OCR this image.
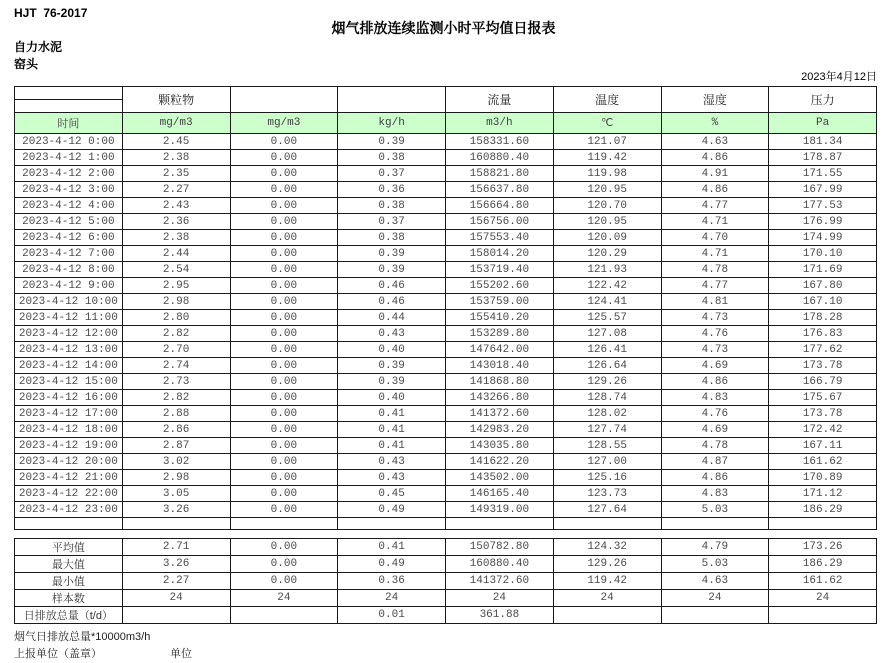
HJT  76-2017
烟气排放连续监测小时平均值日报表
自力水泥
窑头
2023年4月12日
	颗粒物			流量	温度	湿度	压力
时间	mg/m3	mg/m3	kg/h	m3/h	℃	%	Pa
2023-4-12 0:00	2.45	0.00	0.39	158331.60	121.07	4.63	181.34
2023-4-12 1:00	2.38	0.00	0.38	160880.40	119.42	4.86	178.87
2023-4-12 2:00	2.35	0.00	0.37	158821.80	119.98	4.91	171.55
2023-4-12 3:00	2.27	0.00	0.36	156637.80	120.95	4.86	167.99
2023-4-12 4:00	2.43	0.00	0.38	156664.80	120.70	4.77	177.53
2023-4-12 5:00	2.36	0.00	0.37	156756.00	120.95	4.71	176.99
2023-4-12 6:00	2.38	0.00	0.38	157553.40	120.09	4.70	174.99
2023-4-12 7:00	2.44	0.00	0.39	158014.20	120.29	4.71	170.10
2023-4-12 8:00	2.54	0.00	0.39	153719.40	121.93	4.78	171.69
2023-4-12 9:00	2.95	0.00	0.46	155202.60	122.42	4.77	167.80
2023-4-12 10:00	2.98	0.00	0.46	153759.00	124.41	4.81	167.10
2023-4-12 11:00	2.80	0.00	0.44	155410.20	125.57	4.73	178.28
2023-4-12 12:00	2.82	0.00	0.43	153289.80	127.08	4.76	176.83
2023-4-12 13:00	2.70	0.00	0.40	147642.00	126.41	4.73	177.62
2023-4-12 14:00	2.74	0.00	0.39	143018.40	126.64	4.69	173.78
2023-4-12 15:00	2.73	0.00	0.39	141868.80	129.26	4.86	166.79
2023-4-12 16:00	2.82	0.00	0.40	143266.80	128.74	4.83	175.67
2023-4-12 17:00	2.88	0.00	0.41	141372.60	128.02	4.76	173.78
2023-4-12 18:00	2.86	0.00	0.41	142983.20	127.74	4.69	172.42
2023-4-12 19:00	2.87	0.00	0.41	143035.80	128.55	4.78	167.11
2023-4-12 20:00	3.02	0.00	0.43	141622.20	127.00	4.87	161.62
2023-4-12 21:00	2.98	0.00	0.43	143502.00	125.16	4.86	170.89
2023-4-12 22:00	3.05	0.00	0.45	146165.40	123.73	4.83	171.12
2023-4-12 23:00	3.26	0.00	0.49	149319.00	127.64	5.03	186.29

平均值	2.71	0.00	0.41	150782.80	124.32	4.79	173.26
最大值	3.26	0.00	0.49	160880.40	129.26	5.03	186.29
最小值	2.27	0.00	0.36	141372.60	119.42	4.63	161.62
样本数	24	24	24	24	24	24	24
日排放总量（t/d）			0.01	361.88			
烟气日排放总量*10000m3/h
上报单位（盖章）	单位
